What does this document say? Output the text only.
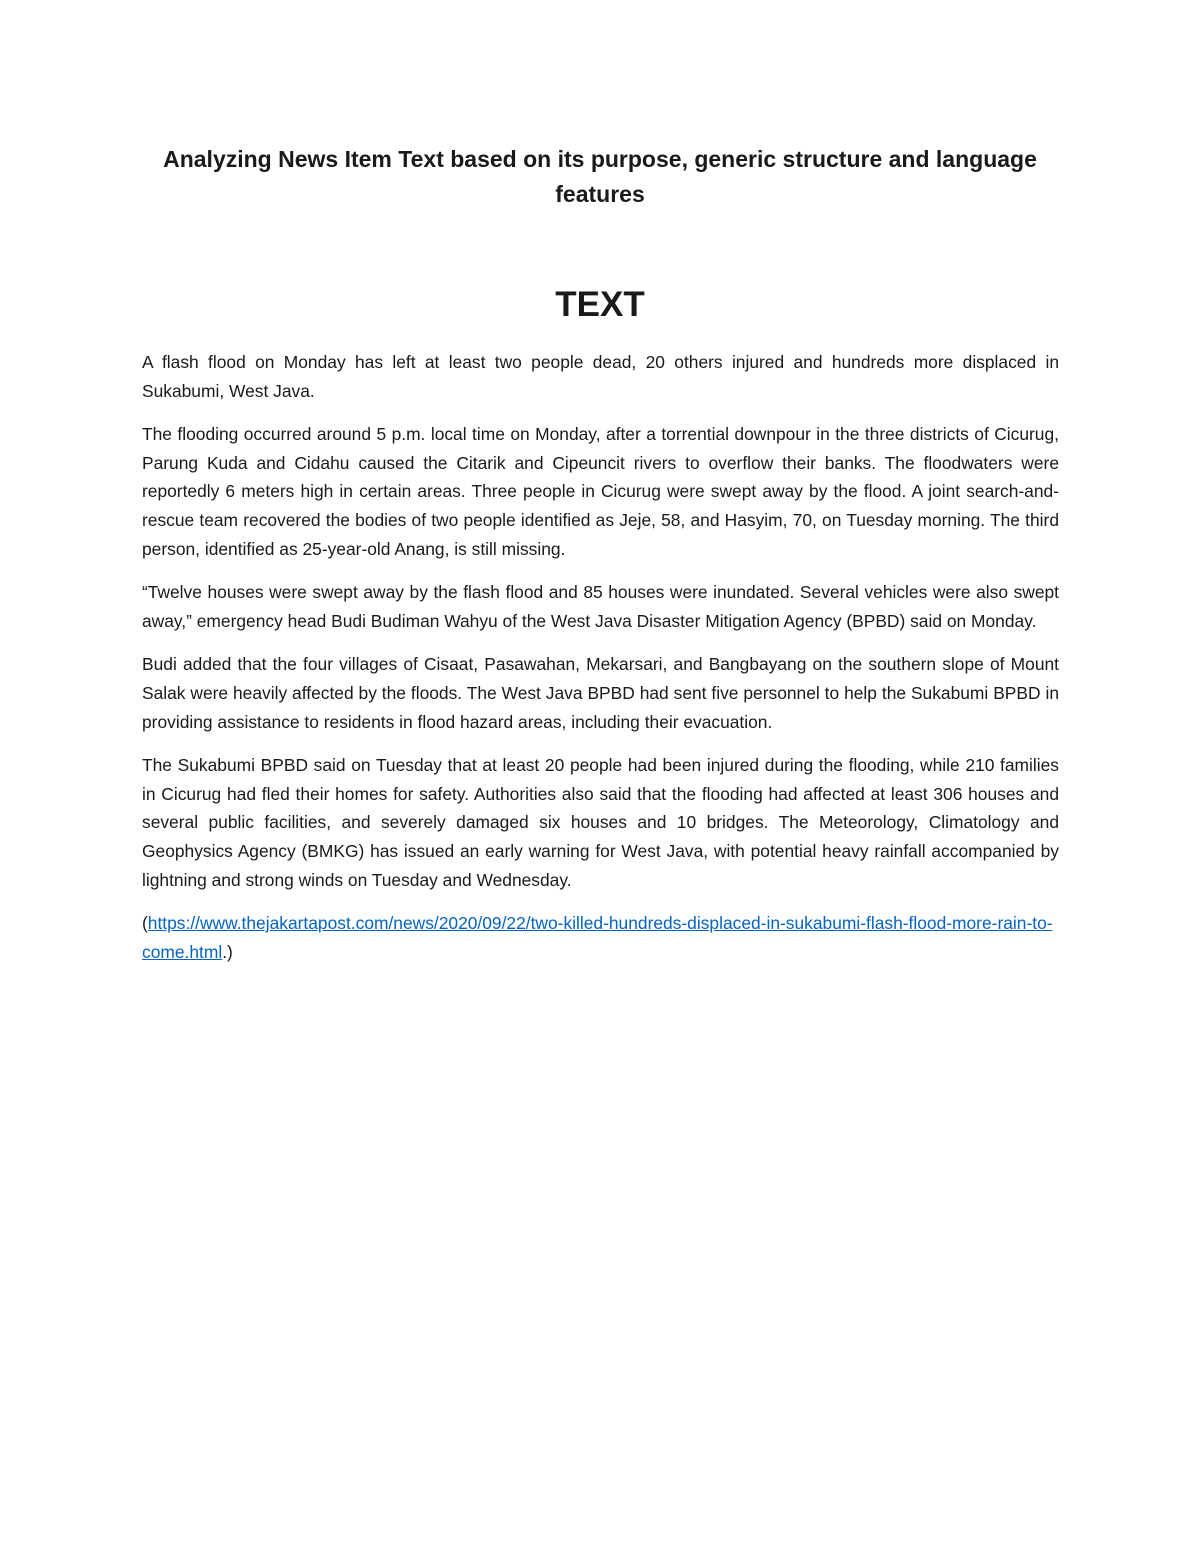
Analyzing News Item Text based on its purpose, generic structure and language features
TEXT

A flash flood on Monday has left at least two people dead, 20 others injured and hundreds more displaced in Sukabumi, West Java.

The flooding occurred around 5 p.m. local time on Monday, after a torrential downpour in the three districts of Cicurug, Parung Kuda and Cidahu caused the Citarik and Cipeuncit rivers to overflow their banks. The floodwaters were reportedly 6 meters high in certain areas. Three people in Cicurug were swept away by the flood. A joint search-and-rescue team recovered the bodies of two people identified as Jeje, 58, and Hasyim, 70, on Tuesday morning. The third person, identified as 25-year-old Anang, is still missing.

“Twelve houses were swept away by the flash flood and 85 houses were inundated. Several vehicles were also swept away,” emergency head Budi Budiman Wahyu of the West Java Disaster Mitigation Agency (BPBD) said on Monday.

Budi added that the four villages of Cisaat, Pasawahan, Mekarsari, and Bangbayang on the southern slope of Mount Salak were heavily affected by the floods. The West Java BPBD had sent five personnel to help the Sukabumi BPBD in providing assistance to residents in flood hazard areas, including their evacuation.

The Sukabumi BPBD said on Tuesday that at least 20 people had been injured during the flooding, while 210 families in Cicurug had fled their homes for safety. Authorities also said that the flooding had affected at least 306 houses and several public facilities, and severely damaged six houses and 10 bridges. The Meteorology, Climatology and Geophysics Agency (BMKG) has issued an early warning for West Java, with potential heavy rainfall accompanied by lightning and strong winds on Tuesday and Wednesday.

(https://www.thejakartapost.com/news/2020/09/22/two-killed-hundreds-displaced-in-sukabumi-flash-flood-more-rain-to-come.html.)
